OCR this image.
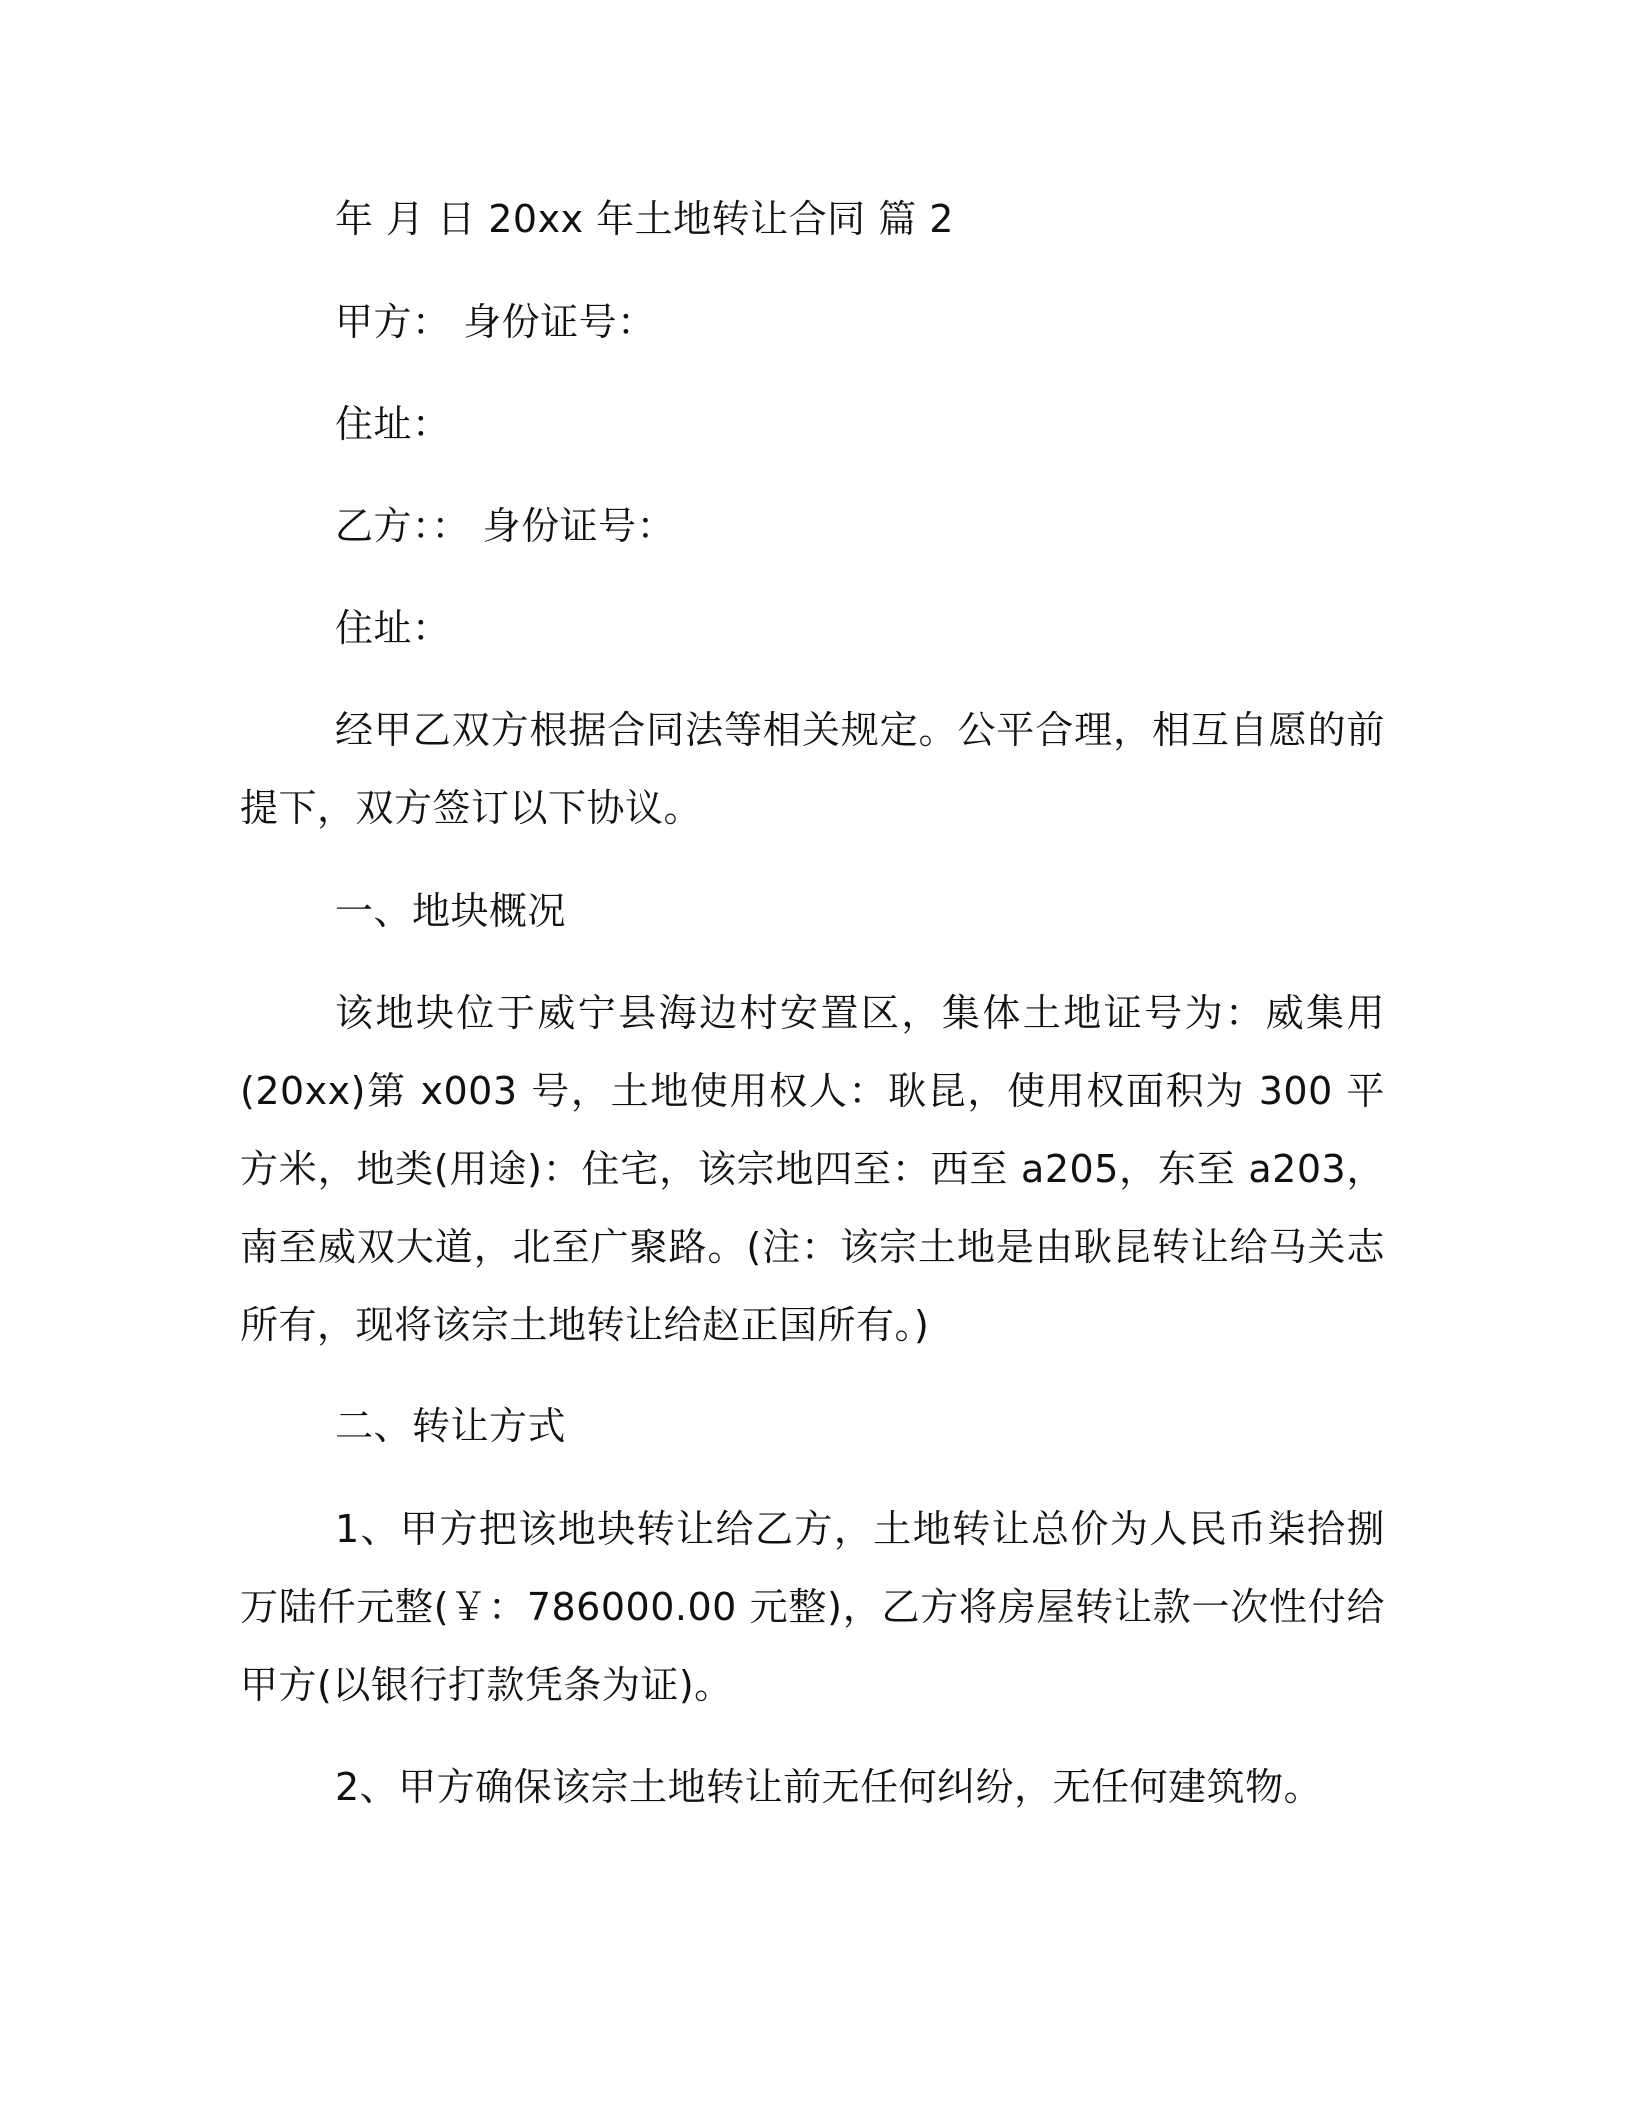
年 月 日 20xx 年土地转让合同 篇 2

甲方： 身份证号：

住址：

乙方：： 身份证号：

住址：

经甲乙双方根据合同法等相关规定。公平合理，相互自愿的前提下，双方签订以下协议。

一、地块概况

该地块位于威宁县海边村安置区，集体土地证号为：威集用(20xx)第 x003 号，土地使用权人：耿昆，使用权面积为 300 平方米，地类(用途)：住宅，该宗地四至：西至 a205，东至 a203，南至威双大道，北至广聚路。(注：该宗土地是由耿昆转让给马关志所有，现将该宗土地转让给赵正国所有。)

二、转让方式

1、甲方把该地块转让给乙方，土地转让总价为人民币柒拾捌万陆仟元整(￥：786000.00 元整)，乙方将房屋转让款一次性付给甲方(以银行打款凭条为证)。

2、甲方确保该宗土地转让前无任何纠纷，无任何建筑物。
